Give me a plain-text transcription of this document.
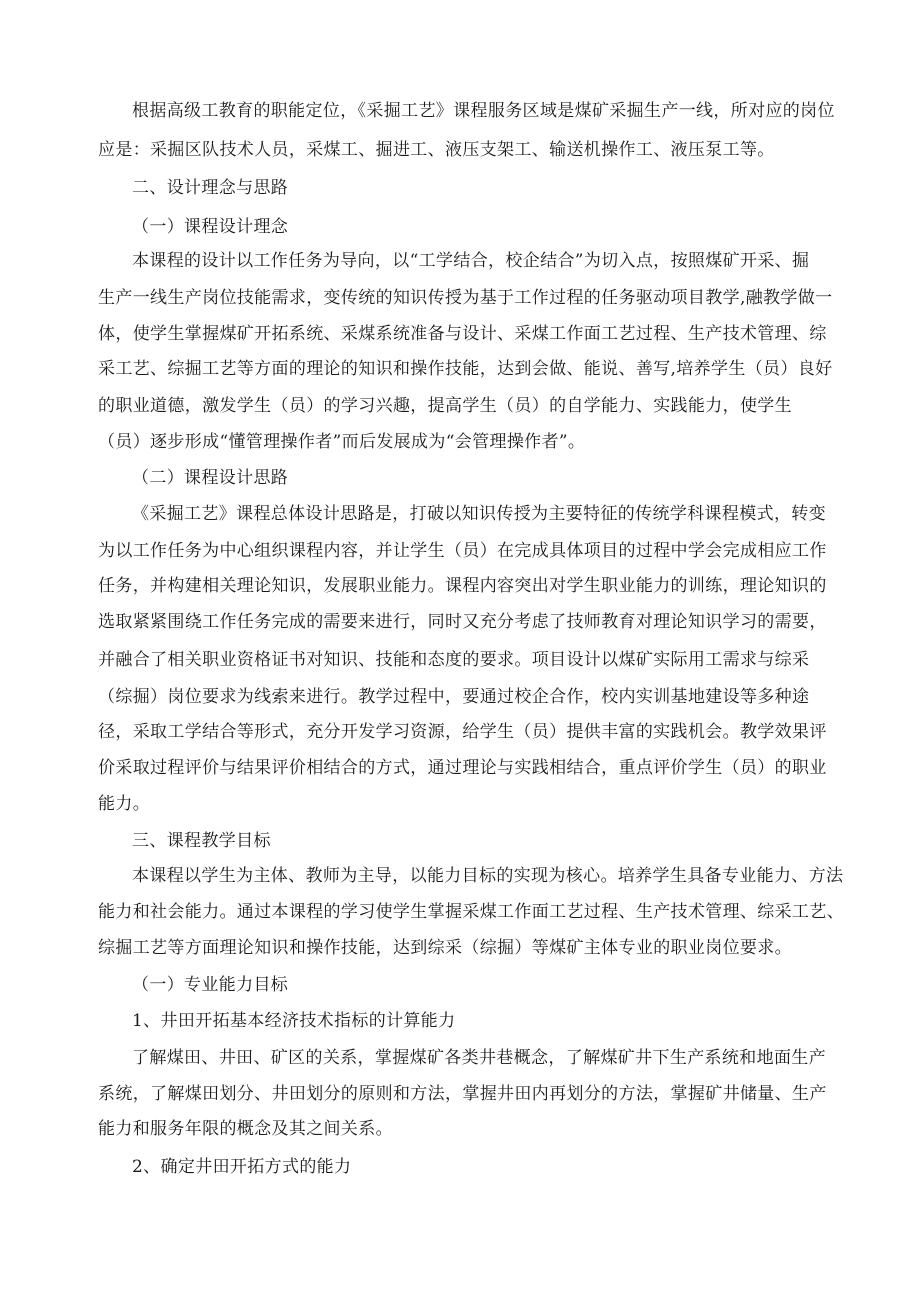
根据高级工教育的职能定位，《采掘工艺》课程服务区域是煤矿采掘生产一线，所对应的岗位
应是：采掘区队技术人员，采煤工、掘进工、液压支架工、输送机操作工、液压泵工等。
二、设计理念与思路
（一）课程设计理念
本课程的设计以工作任务为导向，以“工学结合，校企结合”为切入点，按照煤矿开采、掘
生产一线生产岗位技能需求，变传统的知识传授为基于工作过程的任务驱动项目教学,融教学做一
体，使学生掌握煤矿开拓系统、采煤系统准备与设计、采煤工作面工艺过程、生产技术管理、综
采工艺、综掘工艺等方面的理论的知识和操作技能，达到会做、能说、善写,培养学生（员）良好
的职业道德，激发学生（员）的学习兴趣，提高学生（员）的自学能力、实践能力，使学生
（员）逐步形成“懂管理操作者”而后发展成为“会管理操作者”。
（二）课程设计思路
《采掘工艺》课程总体设计思路是，打破以知识传授为主要特征的传统学科课程模式，转变
为以工作任务为中心组织课程内容，并让学生（员）在完成具体项目的过程中学会完成相应工作
任务，并构建相关理论知识，发展职业能力。课程内容突出对学生职业能力的训练，理论知识的
选取紧紧围绕工作任务完成的需要来进行，同时又充分考虑了技师教育对理论知识学习的需要，
并融合了相关职业资格证书对知识、技能和态度的要求。项目设计以煤矿实际用工需求与综采
（综掘）岗位要求为线索来进行。教学过程中，要通过校企合作，校内实训基地建设等多种途
径，采取工学结合等形式，充分开发学习资源，给学生（员）提供丰富的实践机会。教学效果评
价采取过程评价与结果评价相结合的方式，通过理论与实践相结合，重点评价学生（员）的职业
能力。
三、课程教学目标
本课程以学生为主体、教师为主导，以能力目标的实现为核心。培养学生具备专业能力、方法
能力和社会能力。通过本课程的学习使学生掌握采煤工作面工艺过程、生产技术管理、综采工艺、
综掘工艺等方面理论知识和操作技能，达到综采（综掘）等煤矿主体专业的职业岗位要求。
（一）专业能力目标
1、井田开拓基本经济技术指标的计算能力
了解煤田、井田、矿区的关系，掌握煤矿各类井巷概念，了解煤矿井下生产系统和地面生产
系统，了解煤田划分、井田划分的原则和方法，掌握井田内再划分的方法，掌握矿井储量、生产
能力和服务年限的概念及其之间关系。
2、确定井田开拓方式的能力
